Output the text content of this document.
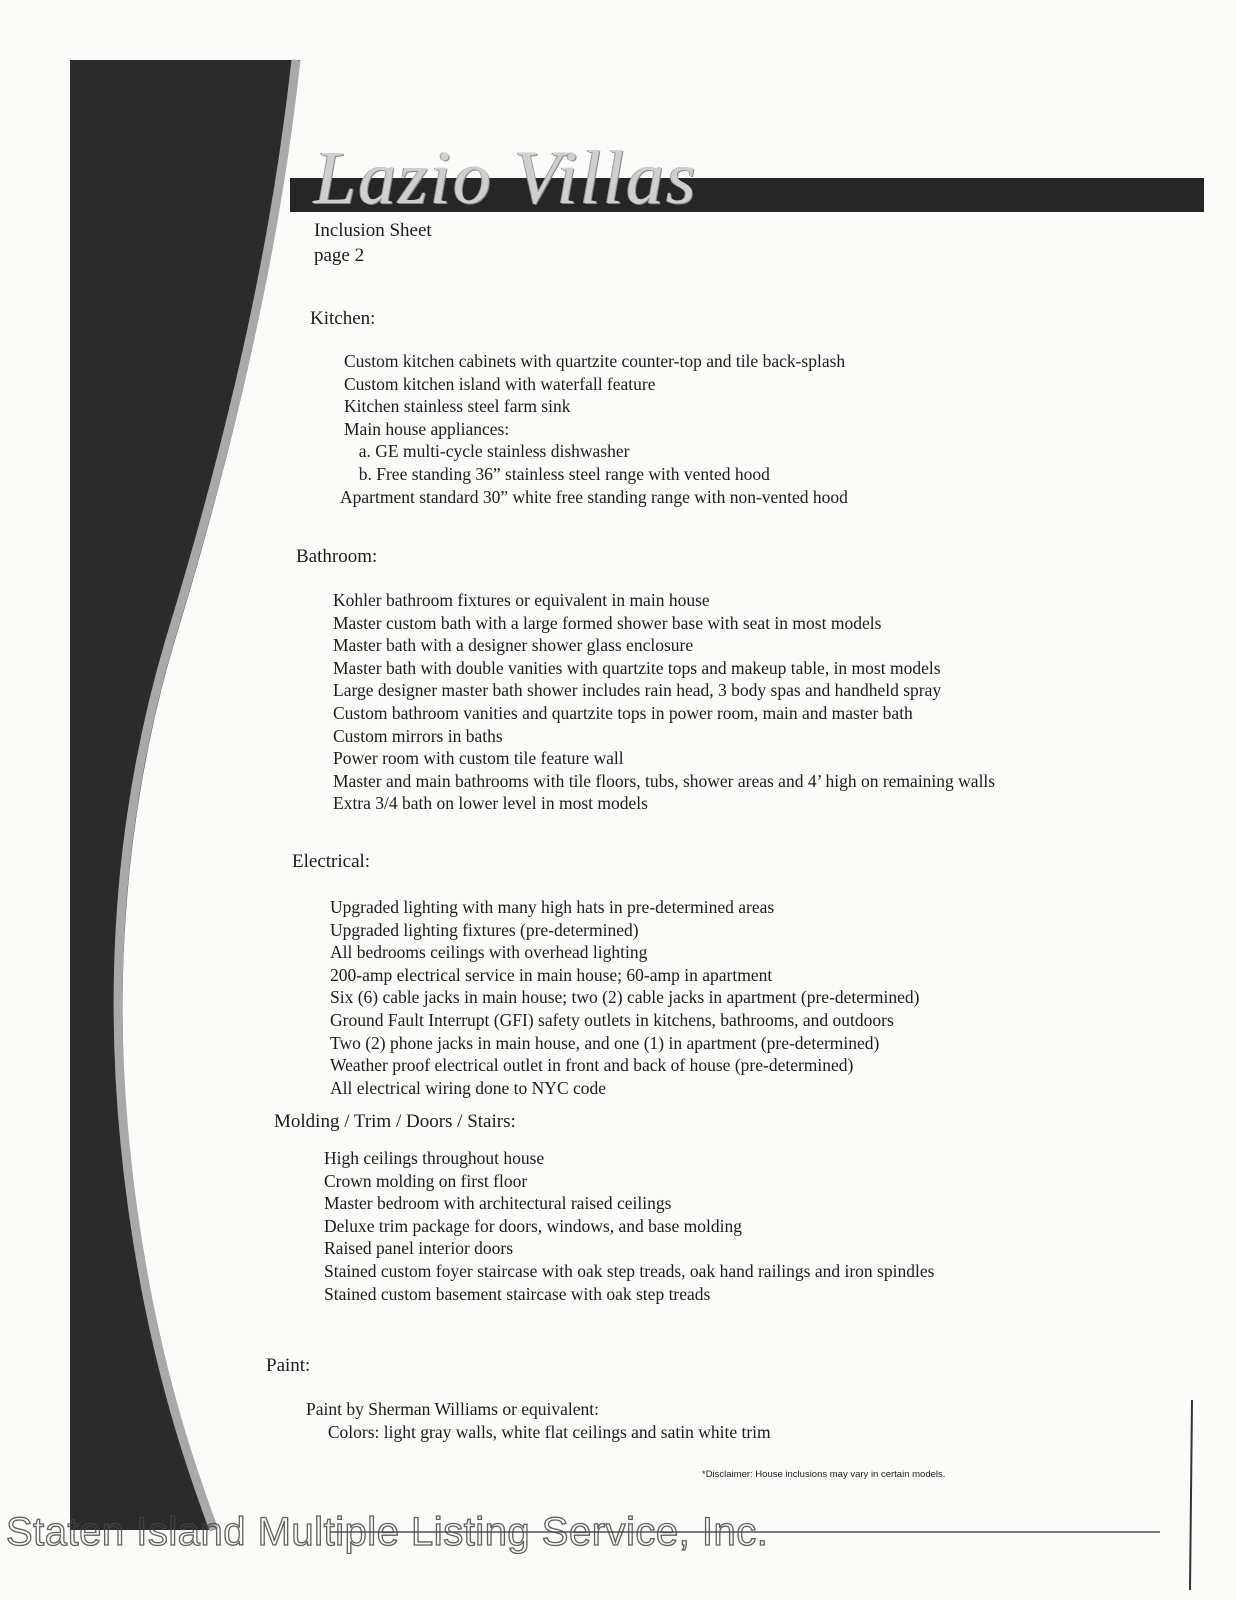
Lazio Villas
Inclusion Sheet
page 2
Kitchen:
Custom kitchen cabinets with quartzite counter-top and tile back-splash
Custom kitchen island with waterfall feature
Kitchen stainless steel farm sink
Main house appliances:
a. GE multi-cycle stainless dishwasher
b. Free standing 36” stainless steel range with vented hood
Apartment standard 30” white free standing range with non-vented hood
Bathroom:
Kohler bathroom fixtures or equivalent in main house
Master custom bath with a large formed shower base with seat in most models
Master bath with a designer shower glass enclosure
Master bath with double vanities with quartzite tops and makeup table, in most models
Large designer master bath shower includes rain head, 3 body spas and handheld spray
Custom bathroom vanities and quartzite tops in power room, main and master bath
Custom mirrors in baths
Power room with custom tile feature wall
Master and main bathrooms with tile floors, tubs, shower areas and 4’ high on remaining walls
Extra 3/4 bath on lower level in most models
Electrical:
Upgraded lighting with many high hats in pre-determined areas
Upgraded lighting fixtures (pre-determined)
All bedrooms ceilings with overhead lighting
200-amp electrical service in main house; 60-amp in apartment
Six (6) cable jacks in main house; two (2) cable jacks in apartment (pre-determined)
Ground Fault Interrupt (GFI) safety outlets in kitchens, bathrooms, and outdoors
Two (2) phone jacks in main house, and one (1) in apartment (pre-determined)
Weather proof electrical outlet in front and back of house (pre-determined)
All electrical wiring done to NYC code
Molding / Trim / Doors / Stairs:
High ceilings throughout house
Crown molding on first floor
Master bedroom with architectural raised ceilings
Deluxe trim package for doors, windows, and base molding
Raised panel interior doors
Stained custom foyer staircase with oak step treads, oak hand railings and iron spindles
Stained custom basement staircase with oak step treads
Paint:
Paint by Sherman Williams or equivalent:
Colors: light gray walls, white flat ceilings and satin white trim
*Disclaimer: House inclusions may vary in certain models.
Staten Island Multiple Listing Service, Inc.
